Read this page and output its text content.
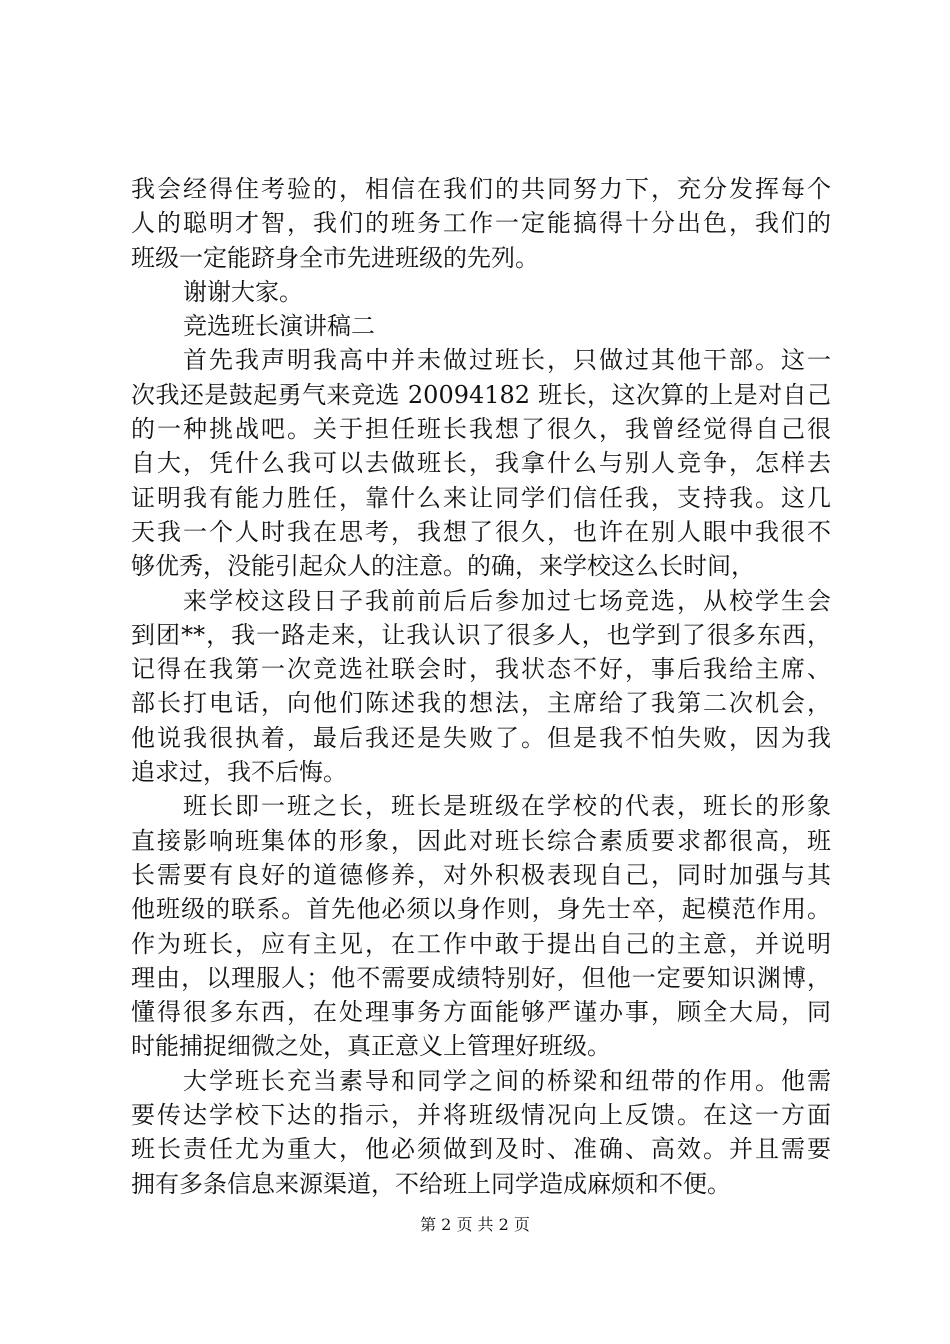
我会经得住考验的，相信在我们的共同努力下，充分发挥每个
人的聪明才智，我们的班务工作一定能搞得十分出色，我们的
班级一定能跻身全市先进班级的先列。
谢谢大家。
竞选班长演讲稿二
首先我声明我高中并未做过班长，只做过其他干部。这一
次我还是鼓起勇气来竞选 20094182 班长，这次算的上是对自己
的一种挑战吧。关于担任班长我想了很久，我曾经觉得自己很
自大，凭什么我可以去做班长，我拿什么与别人竞争，怎样去
证明我有能力胜任，靠什么来让同学们信任我，支持我。这几
天我一个人时我在思考，我想了很久，也许在别人眼中我很不
够优秀，没能引起众人的注意。的确，来学校这么长时间，
来学校这段日子我前前后后参加过七场竞选，从校学生会
到团**，我一路走来，让我认识了很多人，也学到了很多东西，
记得在我第一次竞选社联会时，我状态不好，事后我给主席、
部长打电话，向他们陈述我的想法，主席给了我第二次机会，
他说我很执着，最后我还是失败了。但是我不怕失败，因为我
追求过，我不后悔。
班长即一班之长，班长是班级在学校的代表，班长的形象
直接影响班集体的形象，因此对班长综合素质要求都很高，班
长需要有良好的道德修养，对外积极表现自己，同时加强与其
他班级的联系。首先他必须以身作则，身先士卒，起模范作用。
作为班长，应有主见，在工作中敢于提出自己的主意，并说明
理由，以理服人；他不需要成绩特别好，但他一定要知识渊博，
懂得很多东西，在处理事务方面能够严谨办事，顾全大局，同
时能捕捉细微之处，真正意义上管理好班级。
大学班长充当素导和同学之间的桥梁和纽带的作用。他需
要传达学校下达的指示，并将班级情况向上反馈。在这一方面
班长责任尤为重大，他必须做到及时、准确、高效。并且需要
拥有多条信息来源渠道，不给班上同学造成麻烦和不便。
第 2 页 共 2 页
